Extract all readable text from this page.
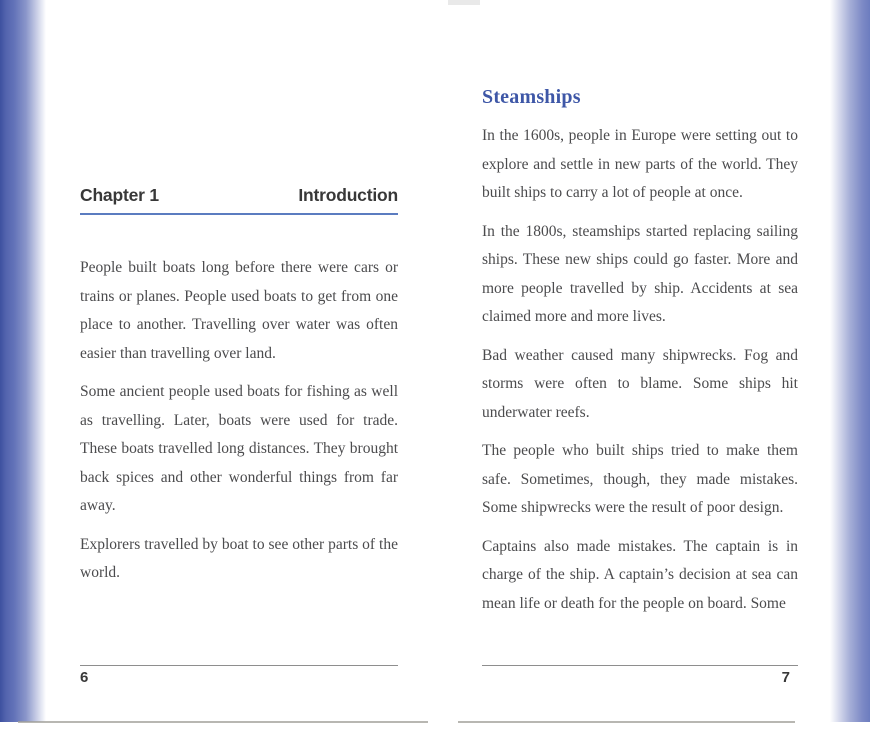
Chapter 1	Introduction

People built boats long before there were cars or trains or planes. People used boats to get from one place to another. Travelling over water was often easier than travelling over land.

Some ancient people used boats for fishing as well as travelling. Later, boats were used for trade. These boats travelled long distances. They brought back spices and other wonderful things from far away.

Explorers travelled by boat to see other parts of the world.

6
Steamships

In the 1600s, people in Europe were setting out to explore and settle in new parts of the world. They built ships to carry a lot of people at once.

In the 1800s, steamships started replacing sailing ships. These new ships could go faster. More and more people travelled by ship. Accidents at sea claimed more and more lives.

Bad weather caused many shipwrecks. Fog and storms were often to blame. Some ships hit underwater reefs.

The people who built ships tried to make them safe. Sometimes, though, they made mistakes. Some shipwrecks were the result of poor design.

Captains also made mistakes. The captain is in charge of the ship. A captain’s decision at sea can mean life or death for the people on board. Some

7
